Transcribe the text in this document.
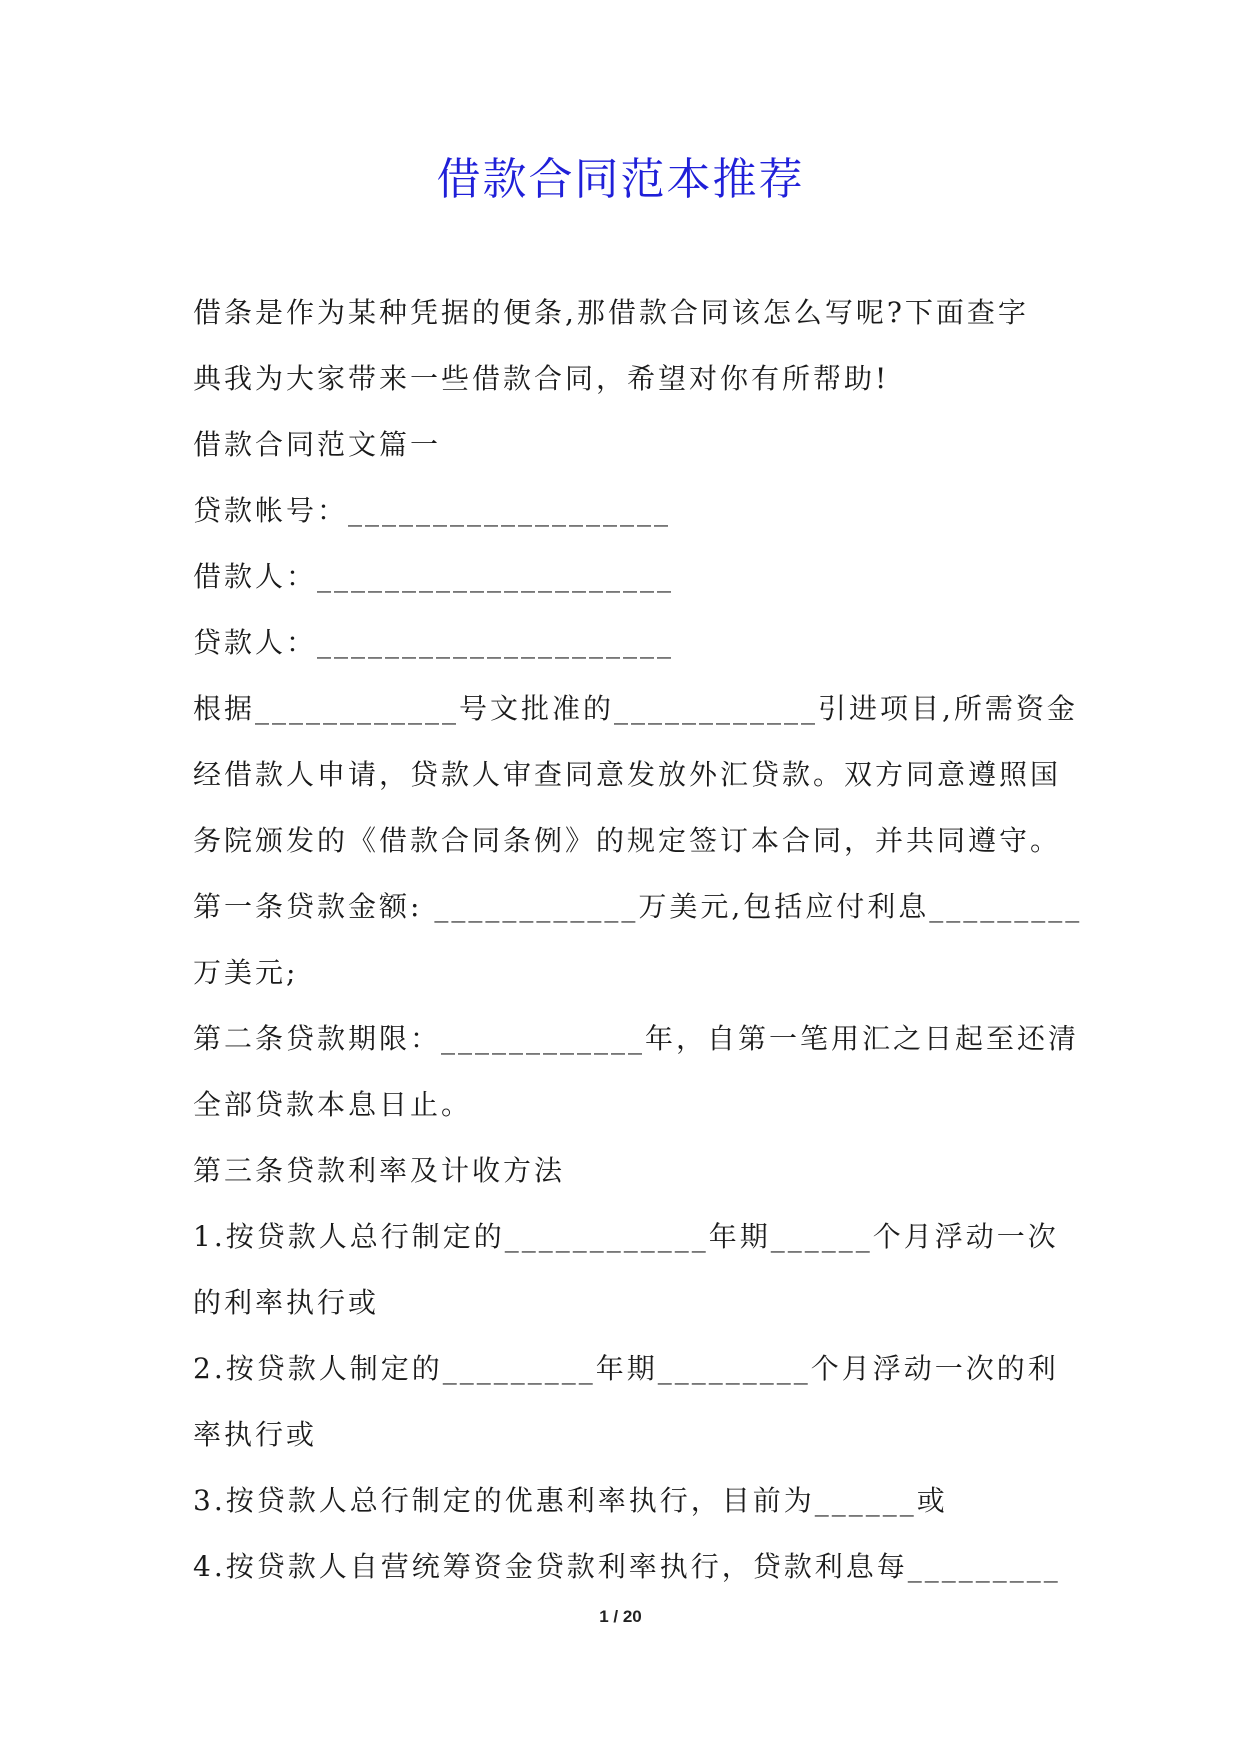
借款合同范本推荐
借条是作为某种凭据的便条,那借款合同该怎么写呢?下面查字
典我为大家带来一些借款合同，希望对你有所帮助!
借款合同范文篇一
贷款帐号：___________________
借款人：_____________________
贷款人：_____________________
根据____________号文批准的____________引进项目,所需资金
经借款人申请，贷款人审查同意发放外汇贷款。双方同意遵照国
务院颁发的《借款合同条例》的规定签订本合同，并共同遵守。
第一条贷款金额: ____________万美元,包括应付利息_________
万美元;
第二条贷款期限：____________年，自第一笔用汇之日起至还清
全部贷款本息日止。
第三条贷款利率及计收方法
1.按贷款人总行制定的____________年期______个月浮动一次
的利率执行或
2.按贷款人制定的_________年期_________个月浮动一次的利
率执行或
3.按贷款人总行制定的优惠利率执行，目前为______或
4.按贷款人自营统筹资金贷款利率执行，贷款利息每_________
1 / 20
